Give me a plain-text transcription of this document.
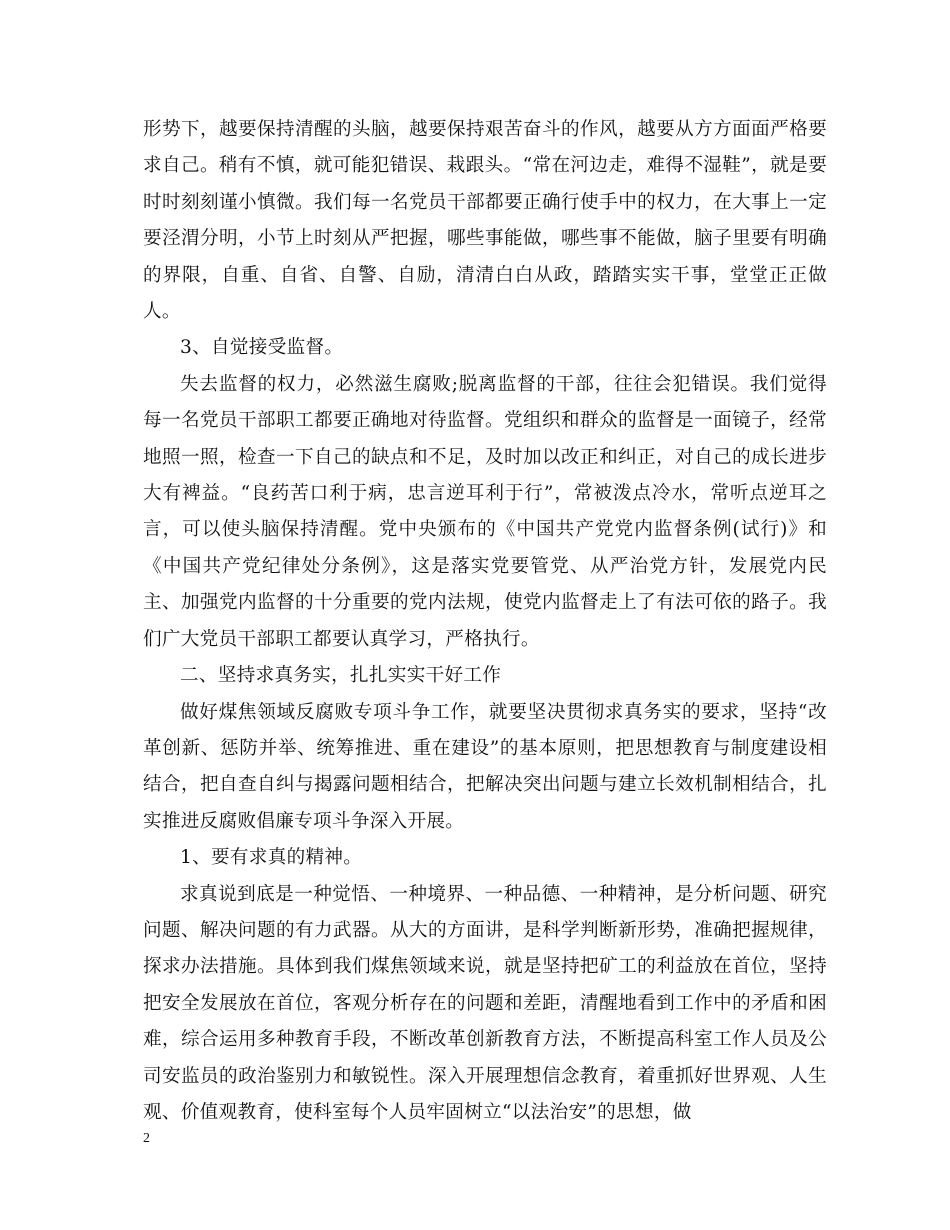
形势下，越要保持清醒的头脑，越要保持艰苦奋斗的作风，越要从方方面面严格要求自己。稍有不慎，就可能犯错误、栽跟头。“常在河边走，难得不湿鞋”，就是要时时刻刻谨小慎微。我们每一名党员干部都要正确行使手中的权力，在大事上一定要泾渭分明，小节上时刻从严把握，哪些事能做，哪些事不能做，脑子里要有明确的界限，自重、自省、自警、自励，清清白白从政，踏踏实实干事，堂堂正正做人。

3、自觉接受监督。

失去监督的权力，必然滋生腐败;脱离监督的干部，往往会犯错误。我们觉得每一名党员干部职工都要正确地对待监督。党组织和群众的监督是一面镜子，经常地照一照，检查一下自己的缺点和不足，及时加以改正和纠正，对自己的成长进步大有裨益。“良药苦口利于病，忠言逆耳利于行”，常被泼点冷水，常听点逆耳之言，可以使头脑保持清醒。党中央颁布的《中国共产党党内监督条例(试行)》和《中国共产党纪律处分条例》，这是落实党要管党、从严治党方针，发展党内民主、加强党内监督的十分重要的党内法规，使党内监督走上了有法可依的路子。我们广大党员干部职工都要认真学习，严格执行。

二、坚持求真务实，扎扎实实干好工作

做好煤焦领域反腐败专项斗争工作，就要坚决贯彻求真务实的要求，坚持“改革创新、惩防并举、统筹推进、重在建设”的基本原则，把思想教育与制度建设相结合，把自查自纠与揭露问题相结合，把解决突出问题与建立长效机制相结合，扎实推进反腐败倡廉专项斗争深入开展。

1、要有求真的精神。

求真说到底是一种觉悟、一种境界、一种品德、一种精神，是分析问题、研究问题、解决问题的有力武器。从大的方面讲，是科学判断新形势，准确把握规律，探求办法措施。具体到我们煤焦领域来说，就是坚持把矿工的利益放在首位，坚持把安全发展放在首位，客观分析存在的问题和差距，清醒地看到工作中的矛盾和困难，综合运用多种教育手段，不断改革创新教育方法，不断提高科室工作人员及公司安监员的政治鉴别力和敏锐性。深入开展理想信念教育，着重抓好世界观、人生观、价值观教育，使科室每个人员牢固树立“以法治安”的思想，做

2
